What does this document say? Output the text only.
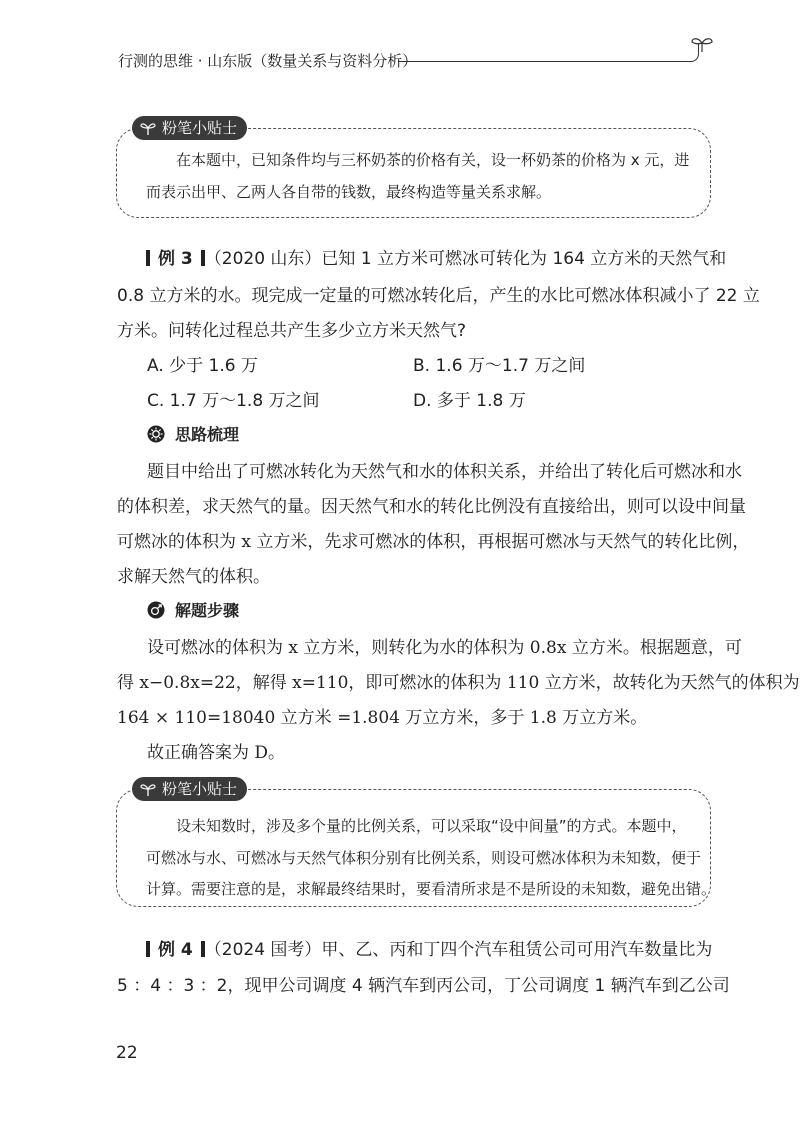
行测的思维 · 山东版（数量关系与资料分析）
粉笔小贴士
在本题中，已知条件均与三杯奶茶的价格有关，设一杯奶茶的价格为 x 元，进
而表示出甲、乙两人各自带的钱数，最终构造等量关系求解。
例 3 （2020 山东）已知 1 立方米可燃冰可转化为 164 立方米的天然气和
0.8 立方米的水。现完成一定量的可燃冰转化后，产生的水比可燃冰体积减小了 22 立
方米。问转化过程总共产生多少立方米天然气?
A. 少于 1.6 万	B. 1.6 万～1.7 万之间
C. 1.7 万～1.8 万之间	D. 多于 1.8 万
思路梳理
题目中给出了可燃冰转化为天然气和水的体积关系，并给出了转化后可燃冰和水
的体积差，求天然气的量。因天然气和水的转化比例没有直接给出，则可以设中间量
可燃冰的体积为 x 立方米，先求可燃冰的体积，再根据可燃冰与天然气的转化比例，
求解天然气的体积。
解题步骤
设可燃冰的体积为 x 立方米，则转化为水的体积为 0.8x 立方米。根据题意，可
得 x−0.8x=22，解得 x=110，即可燃冰的体积为 110 立方米，故转化为天然气的体积为
164 × 110=18040 立方米 =1.804 万立方米，多于 1.8 万立方米。
故正确答案为 D。
粉笔小贴士
设未知数时，涉及多个量的比例关系，可以采取“设中间量”的方式。本题中，
可燃冰与水、可燃冰与天然气体积分别有比例关系，则设可燃冰体积为未知数，便于
计算。需要注意的是，求解最终结果时，要看清所求是不是所设的未知数，避免出错。
例 4 （2024 国考）甲、乙、丙和丁四个汽车租赁公司可用汽车数量比为
5 ：4 ：3 ：2，现甲公司调度 4 辆汽车到丙公司，丁公司调度 1 辆汽车到乙公司
22
